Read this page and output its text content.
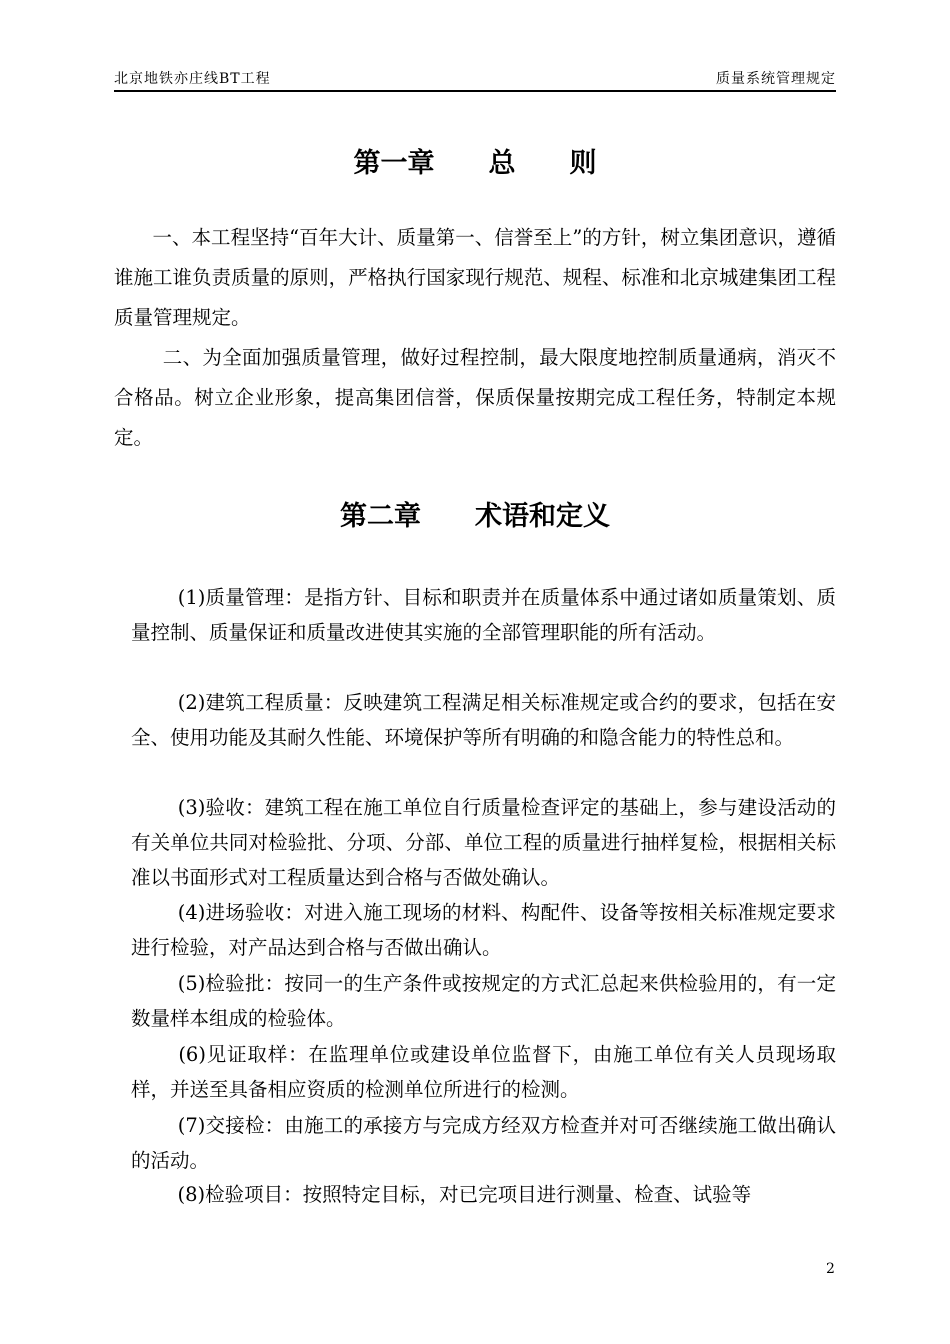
北京地铁亦庄线BT工程	质量系统管理规定
第一章　　总　　则
　一、本工程坚持“百年大计、质量第一、信誉至上”的方针，树立集团意识，遵循谁施工谁负责质量的原则，严格执行国家现行规范、规程、标准和北京城建集团工程质量管理规定。
　二、为全面加强质量管理，做好过程控制，最大限度地控制质量通病，消灭不合格品。树立企业形象，提高集团信誉，保质保量按期完成工程任务，特制定本规定。
第二章　　术语和定义
　(1)质量管理：是指方针、目标和职责并在质量体系中通过诸如质量策划、质量控制、质量保证和质量改进使其实施的全部管理职能的所有活动。
　(2)建筑工程质量：反映建筑工程满足相关标准规定或合约的要求，包括在安全、使用功能及其耐久性能、环境保护等所有明确的和隐含能力的特性总和。
　(3)验收：建筑工程在施工单位自行质量检查评定的基础上，参与建设活动的有关单位共同对检验批、分项、分部、单位工程的质量进行抽样复检，根据相关标准以书面形式对工程质量达到合格与否做处确认。
　(4)进场验收：对进入施工现场的材料、构配件、设备等按相关标准规定要求进行检验，对产品达到合格与否做出确认。
　(5)检验批：按同一的生产条件或按规定的方式汇总起来供检验用的，有一定数量样本组成的检验体。
　(6)见证取样：在监理单位或建设单位监督下，由施工单位有关人员现场取样，并送至具备相应资质的检测单位所进行的检测。
　(7)交接检：由施工的承接方与完成方经双方检查并对可否继续施工做出确认的活动。
　(8)检验项目：按照特定目标，对已完项目进行测量、检查、试验等
2
